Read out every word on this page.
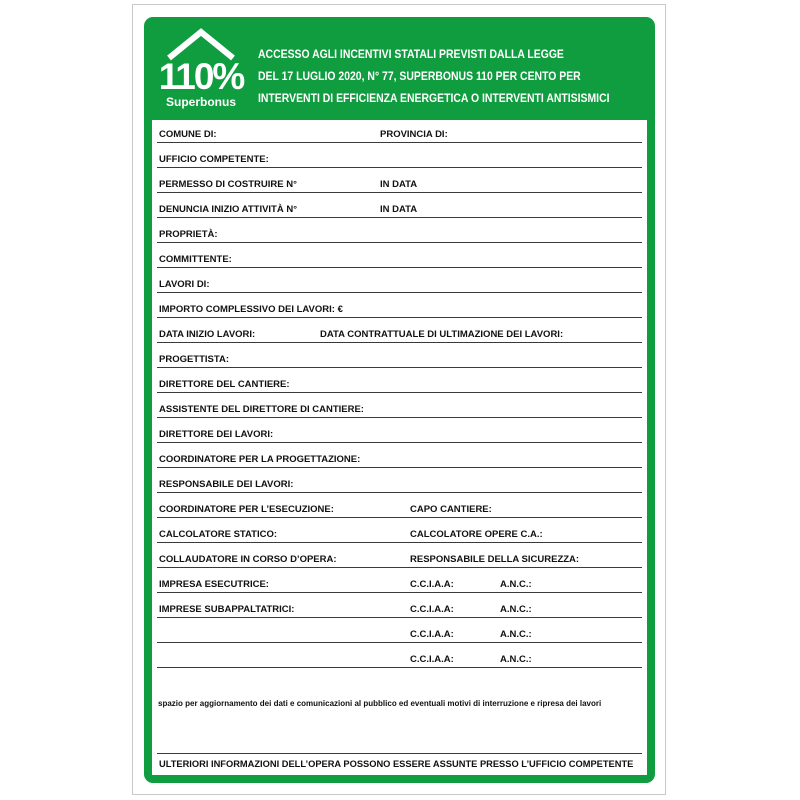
110%
Superbonus
ACCESSO AGLI INCENTIVI STATALI PREVISTI DALLA LEGGE
DEL 17 LUGLIO 2020, N° 77, SUPERBONUS 110 PER CENTO PER
INTERVENTI DI EFFICIENZA ENERGETICA O INTERVENTI ANTISISMICI
COMUNE DI:	PROVINCIA DI:
UFFICIO COMPETENTE:
PERMESSO DI COSTRUIRE N°	IN DATA
DENUNCIA INIZIO ATTIVITÀ N°	IN DATA
PROPRIETÀ:
COMMITTENTE:
LAVORI DI:
IMPORTO COMPLESSIVO DEI LAVORI: €
DATA INIZIO LAVORI:	DATA CONTRATTUALE DI ULTIMAZIONE DEI LAVORI:
PROGETTISTA:
DIRETTORE DEL CANTIERE:
ASSISTENTE DEL DIRETTORE DI CANTIERE:
DIRETTORE DEI LAVORI:
COORDINATORE PER LA PROGETTAZIONE:
RESPONSABILE DEI LAVORI:
COORDINATORE PER L’ESECUZIONE:	CAPO CANTIERE:
CALCOLATORE STATICO:	CALCOLATORE OPERE C.A.:
COLLAUDATORE IN CORSO D’OPERA:	RESPONSABILE DELLA SICUREZZA:
IMPRESA ESECUTRICE:	C.C.I.A.A:	A.N.C.:
IMPRESE SUBAPPALTATRICI:	C.C.I.A.A:	A.N.C.:
C.C.I.A.A:	A.N.C.:
C.C.I.A.A:	A.N.C.:
spazio per aggiornamento dei dati e comunicazioni al pubblico ed eventuali motivi di interruzione e ripresa dei lavori
ULTERIORI INFORMAZIONI DELL’OPERA POSSONO ESSERE ASSUNTE PRESSO L’UFFICIO COMPETENTE
